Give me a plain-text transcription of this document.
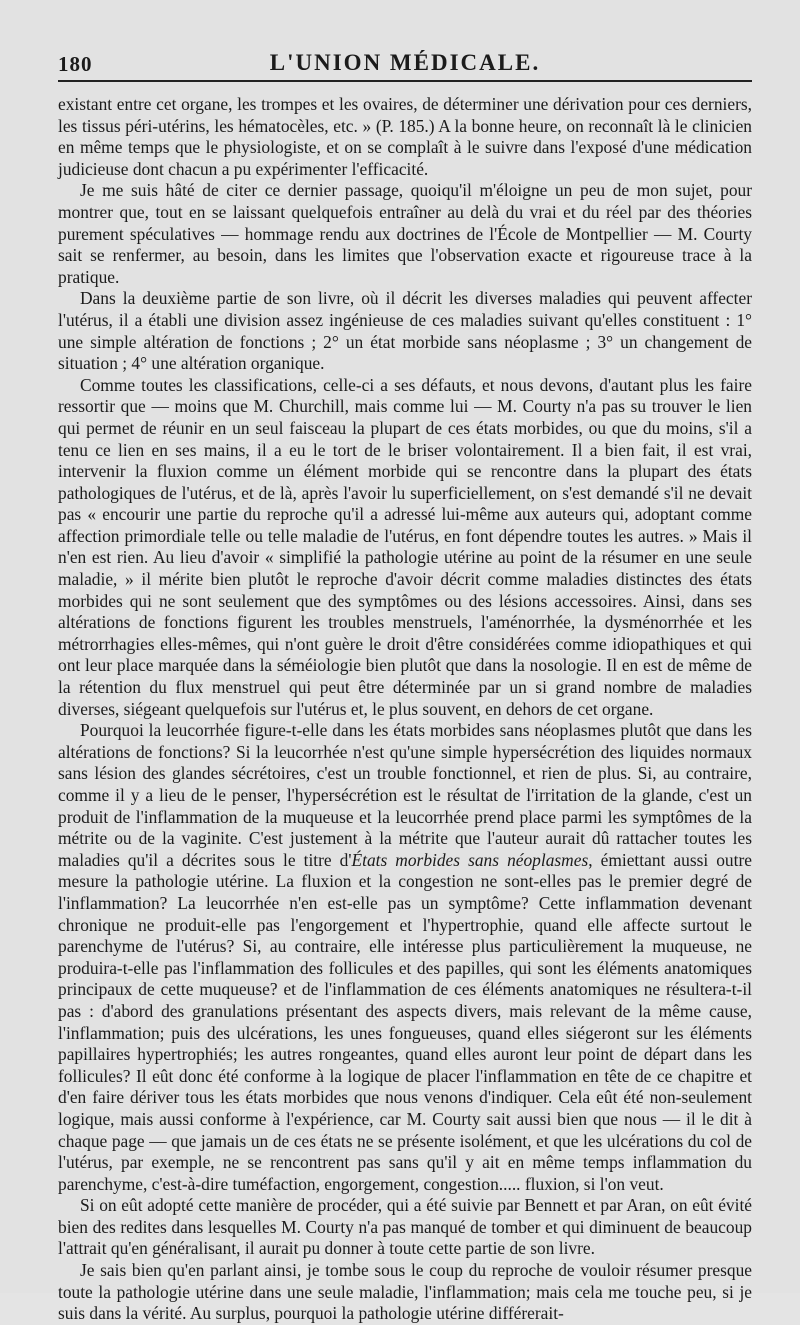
180	L'UNION MÉDICALE.

existant entre cet organe, les trompes et les ovaires, de déterminer une dérivation pour ces derniers, les tissus péri-utérins, les hématocèles, etc. » (P. 185.) A la bonne heure, on reconnaît là le clinicien en même temps que le physiologiste, et on se complaît à le suivre dans l'exposé d'une médication judicieuse dont chacun a pu expérimenter l'efficacité.

Je me suis hâté de citer ce dernier passage, quoiqu'il m'éloigne un peu de mon sujet, pour montrer que, tout en se laissant quelquefois entraîner au delà du vrai et du réel par des théories purement spéculatives — hommage rendu aux doctrines de l'École de Montpellier — M. Courty sait se renfermer, au besoin, dans les limites que l'observation exacte et rigoureuse trace à la pratique.

Dans la deuxième partie de son livre, où il décrit les diverses maladies qui peuvent affecter l'utérus, il a établi une division assez ingénieuse de ces maladies suivant qu'elles constituent : 1° une simple altération de fonctions ; 2° un état morbide sans néoplasme ; 3° un changement de situation ; 4° une altération organique.

Comme toutes les classifications, celle-ci a ses défauts, et nous devons, d'autant plus les faire ressortir que — moins que M. Churchill, mais comme lui — M. Courty n'a pas su trouver le lien qui permet de réunir en un seul faisceau la plupart de ces états morbides, ou que du moins, s'il a tenu ce lien en ses mains, il a eu le tort de le briser volontairement. Il a bien fait, il est vrai, intervenir la fluxion comme un élément morbide qui se rencontre dans la plupart des états pathologiques de l'utérus, et de là, après l'avoir lu superficiellement, on s'est demandé s'il ne devait pas « encourir une partie du reproche qu'il a adressé lui-même aux auteurs qui, adoptant comme affection primordiale telle ou telle maladie de l'utérus, en font dépendre toutes les autres. » Mais il n'en est rien. Au lieu d'avoir « simplifié la pathologie utérine au point de la résumer en une seule maladie, » il mérite bien plutôt le reproche d'avoir décrit comme maladies distinctes des états morbides qui ne sont seulement que des symptômes ou des lésions accessoires. Ainsi, dans ses altérations de fonctions figurent les troubles menstruels, l'aménorrhée, la dysménorrhée et les métrorrhagies elles-mêmes, qui n'ont guère le droit d'être considérées comme idiopathiques et qui ont leur place marquée dans la séméiologie bien plutôt que dans la nosologie. Il en est de même de la rétention du flux menstruel qui peut être déterminée par un si grand nombre de maladies diverses, siégeant quelquefois sur l'utérus et, le plus souvent, en dehors de cet organe.

Pourquoi la leucorrhée figure-t-elle dans les états morbides sans néoplasmes plutôt que dans les altérations de fonctions? Si la leucorrhée n'est qu'une simple hypersécrétion des liquides normaux sans lésion des glandes sécrétoires, c'est un trouble fonctionnel, et rien de plus. Si, au contraire, comme il y a lieu de le penser, l'hypersécrétion est le résultat de l'irritation de la glande, c'est un produit de l'inflammation de la muqueuse et la leucorrhée prend place parmi les symptômes de la métrite ou de la vaginite. C'est justement à la métrite que l'auteur aurait dû rattacher toutes les maladies qu'il a décrites sous le titre d'États morbides sans néoplasmes, émiettant aussi outre mesure la pathologie utérine. La fluxion et la congestion ne sont-elles pas le premier degré de l'inflammation? La leucorrhée n'en est-elle pas un symptôme? Cette inflammation devenant chronique ne produit-elle pas l'engorgement et l'hypertrophie, quand elle affecte surtout le parenchyme de l'utérus? Si, au contraire, elle intéresse plus particulièrement la muqueuse, ne produira-t-elle pas l'inflammation des follicules et des papilles, qui sont les éléments anatomiques principaux de cette muqueuse? et de l'inflammation de ces éléments anatomiques ne résultera-t-il pas : d'abord des granulations présentant des aspects divers, mais relevant de la même cause, l'inflammation; puis des ulcérations, les unes fongueuses, quand elles siégeront sur les éléments papillaires hypertrophiés; les autres rongeantes, quand elles auront leur point de départ dans les follicules? Il eût donc été conforme à la logique de placer l'inflammation en tête de ce chapitre et d'en faire dériver tous les états morbides que nous venons d'indiquer. Cela eût été non-seulement logique, mais aussi conforme à l'expérience, car M. Courty sait aussi bien que nous — il le dit à chaque page — que jamais un de ces états ne se présente isolément, et que les ulcérations du col de l'utérus, par exemple, ne se rencontrent pas sans qu'il y ait en même temps inflammation du parenchyme, c'est-à-dire tuméfaction, engorgement, congestion..... fluxion, si l'on veut.

Si on eût adopté cette manière de procéder, qui a été suivie par Bennett et par Aran, on eût évité bien des redites dans lesquelles M. Courty n'a pas manqué de tomber et qui diminuent de beaucoup l'attrait qu'en généralisant, il aurait pu donner à toute cette partie de son livre.

Je sais bien qu'en parlant ainsi, je tombe sous le coup du reproche de vouloir résumer presque toute la pathologie utérine dans une seule maladie, l'inflammation; mais cela me touche peu, si je suis dans la vérité. Au surplus, pourquoi la pathologie utérine différerait-
